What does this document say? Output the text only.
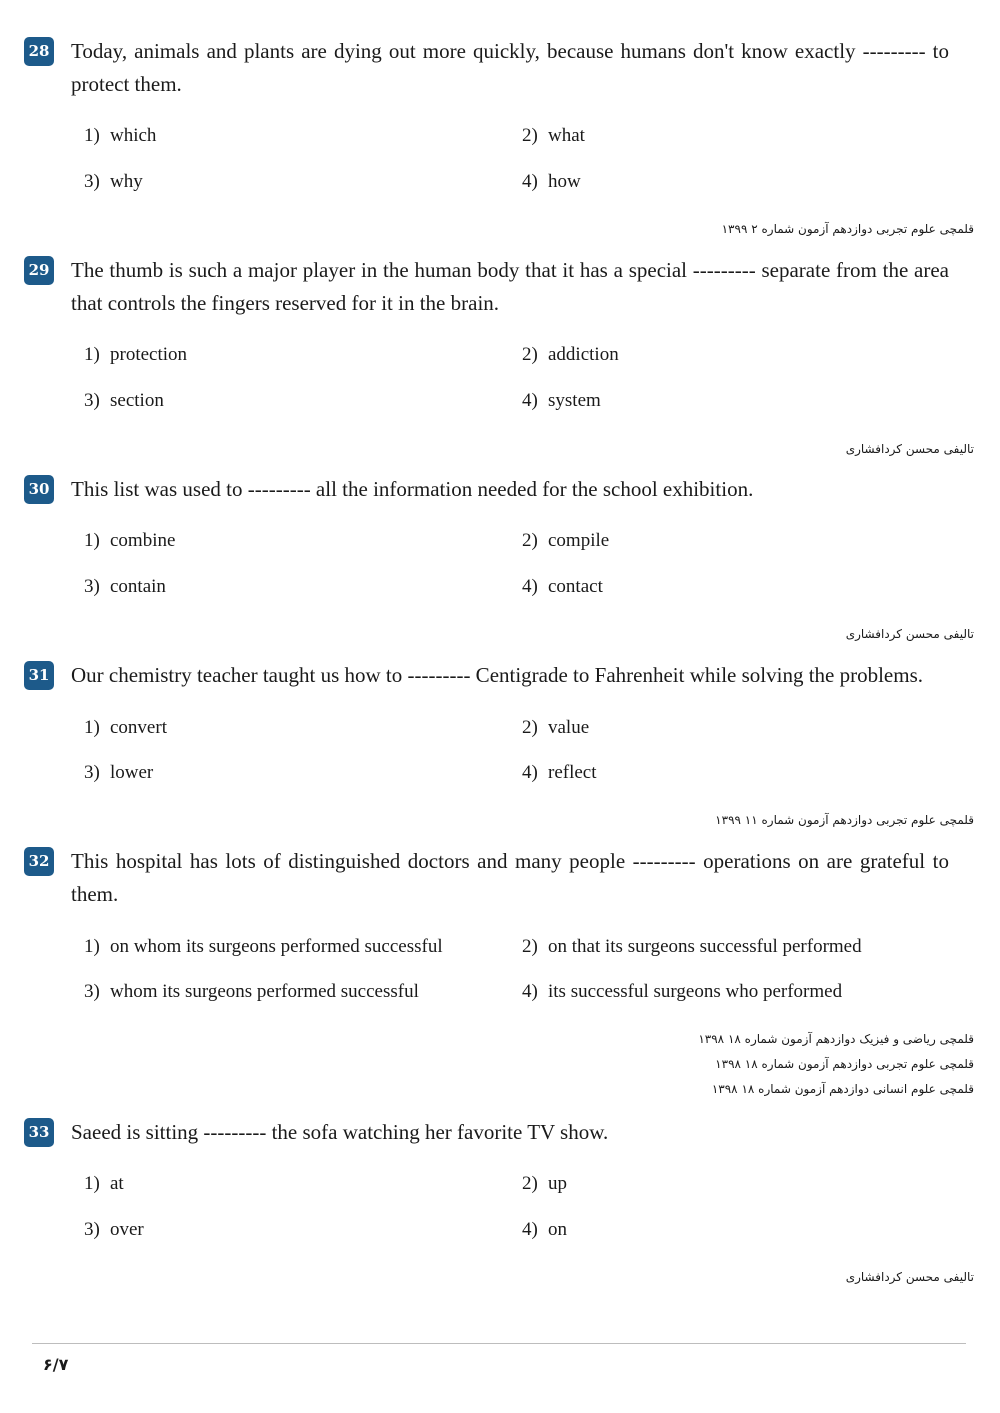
28 Today, animals and plants are dying out more quickly, because humans don't know exactly --------- to protect them.
1) which	2) what
3) why	4) how
قلمچی علوم تجربی دوازدهم آزمون شماره ۲ ۱۳۹۹
29 The thumb is such a major player in the human body that it has a special --------- separate from the area that controls the fingers reserved for it in the brain.
1) protection	2) addiction
3) section	4) system
تالیفی محسن کردافشاری
30 This list was used to --------- all the information needed for the school exhibition.
1) combine	2) compile
3) contain	4) contact
تالیفی محسن کردافشاری
31 Our chemistry teacher taught us how to --------- Centigrade to Fahrenheit while solving the problems.
1) convert	2) value
3) lower	4) reflect
قلمچی علوم تجربی دوازدهم آزمون شماره ۱۱ ۱۳۹۹
32 This hospital has lots of distinguished doctors and many people --------- operations on are grateful to them.
1) on whom its surgeons performed successful	2) on that its surgeons successful performed
3) whom its surgeons performed successful	4) its successful surgeons who performed
قلمچی ریاضی و فیزیک دوازدهم آزمون شماره ۱۸ ۱۳۹۸
قلمچی علوم تجربی دوازدهم آزمون شماره ۱۸ ۱۳۹۸
قلمچی علوم انسانی دوازدهم آزمون شماره ۱۸ ۱۳۹۸
33 Saeed is sitting --------- the sofa watching her favorite TV show.
1) at	2) up
3) over	4) on
تالیفی محسن کردافشاری
۶/۷
